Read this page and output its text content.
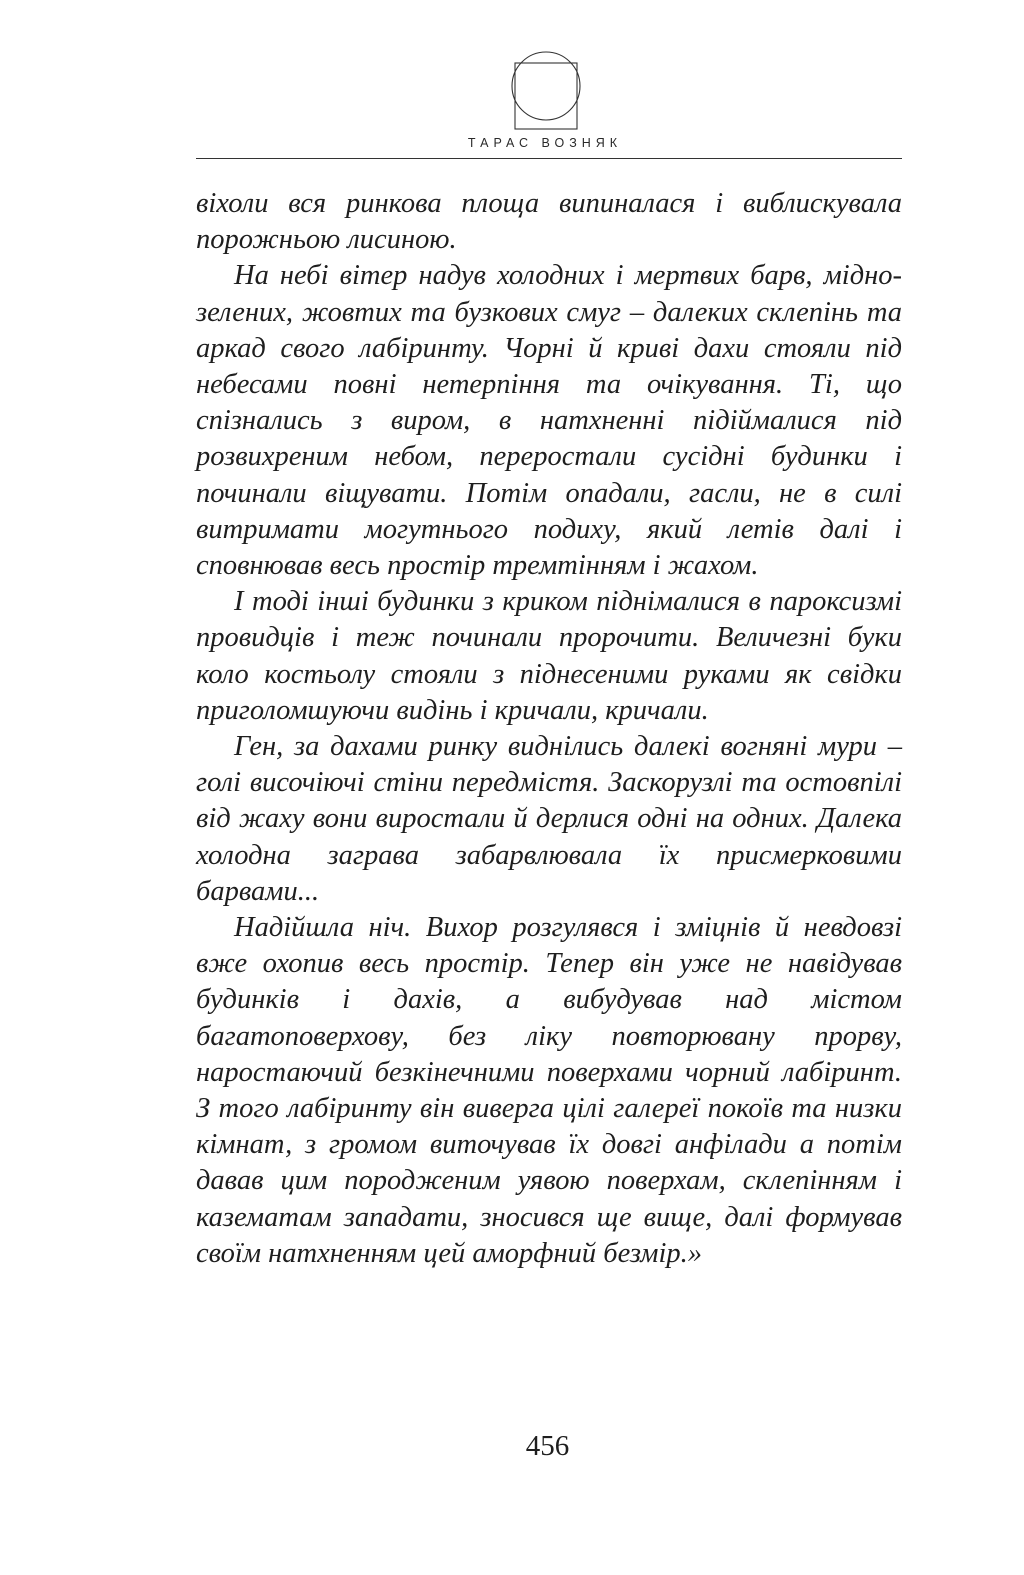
ТАРАС ВОЗНЯК

віхоли вся ринкова площа випиналася і виблискувала порожньою лисиною.

На небі вітер надув холодних і мертвих барв, мідно-зелених, жовтих та бузкових смуг – далеких склепінь та аркад свого лабіринту. Чорні й криві дахи стояли під небесами повні нетерпіння та очікування. Ті, що спізнались з виром, в натхненні підіймалися під розвихреним небом, переростали сусідні будинки і починали віщувати. Потім опадали, гасли, не в силі витримати могутнього подиху, який летів далі і сповнював весь простір тремтінням і жахом.

І тоді інші будинки з криком піднімалися в пароксизмі провидців і теж починали пророчити. Величезні буки коло костьолу стояли з піднесеними руками як свідки приголомшуючи видінь і кричали, кричали.

Ген, за дахами ринку виднілись далекі вогняні мури – голі височіючі стіни передмістя. Заскорузлі та остовпілі від жаху вони виростали й дерлися одні на одних. Далека холодна заграва забарвлювала їх присмерковими барвами...

Надійшла ніч. Вихор розгулявся і зміцнів й невдовзі вже охопив весь простір. Тепер він уже не навідував будинків і дахів, а вибудував над містом багатоповерхову, без ліку повторювану прорву, наростаючий безкінечними поверхами чорний лабіринт. З того лабіринту він виверга цілі галереї покоїв та низки кімнат, з громом виточував їх довгі анфілади а потім давав цим породженим уявою поверхам, склепінням і казематам западати, зносився ще вище, далі формував своїм натхненням цей аморфний безмір.»

456
